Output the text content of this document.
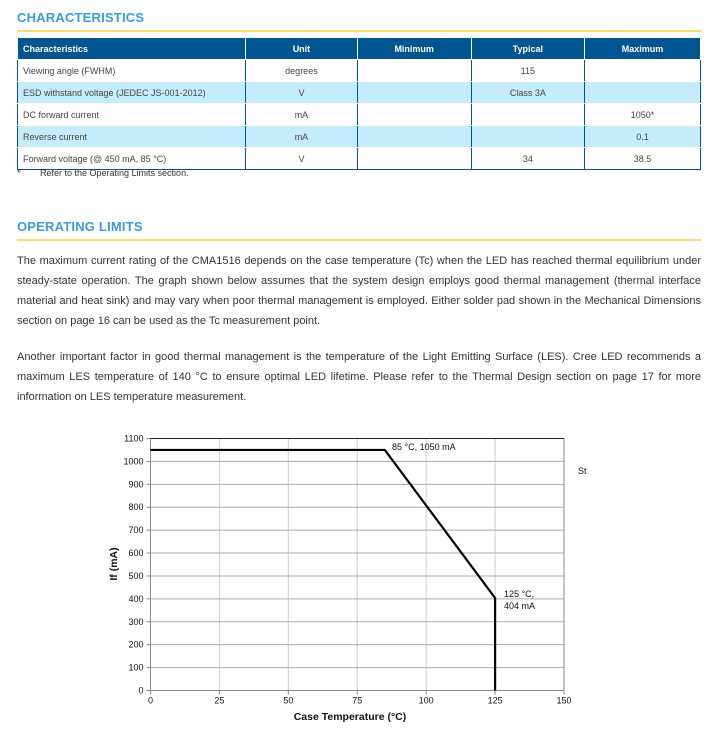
CHARACTERISTICS
Characteristics	Unit	Minimum	Typical	Maximum
Viewing angle (FWHM)	degrees		115	
ESD withstand voltage (JEDEC JS-001-2012)	V		Class 3A	
DC forward current	mA			1050*
Reverse current	mA			0.1
Forward voltage (@ 450 mA, 85 °C)	V		34	38.5
* Refer to the Operating Limits section.
OPERATING LIMITS

The maximum current rating of the CMA1516 depends on the case temperature (Tc) when the LED has reached thermal equilibrium under steady-state operation. The graph shown below assumes that the system design employs good thermal management (thermal interface material and heat sink) and may vary when poor thermal management is employed. Either solder pad shown in the Mechanical Dimensions section on page 16 can be used as the Tc measurement point.

Another important factor in good thermal management is the temperature of the Light Emitting Surface (LES). Cree LED recommends a maximum LES temperature of 140 °C to ensure optimal LED lifetime. Please refer to the Thermal Design section on page 17 for more information on LES temperature measurement.

0	25	50	75	100	125	150
0
100
200
300
400
500
600
700
800
900
1000
1100
85 °C, 1050 mA
125 °C,
404 mA
St
Case Temperature (°C)
If (mA)
